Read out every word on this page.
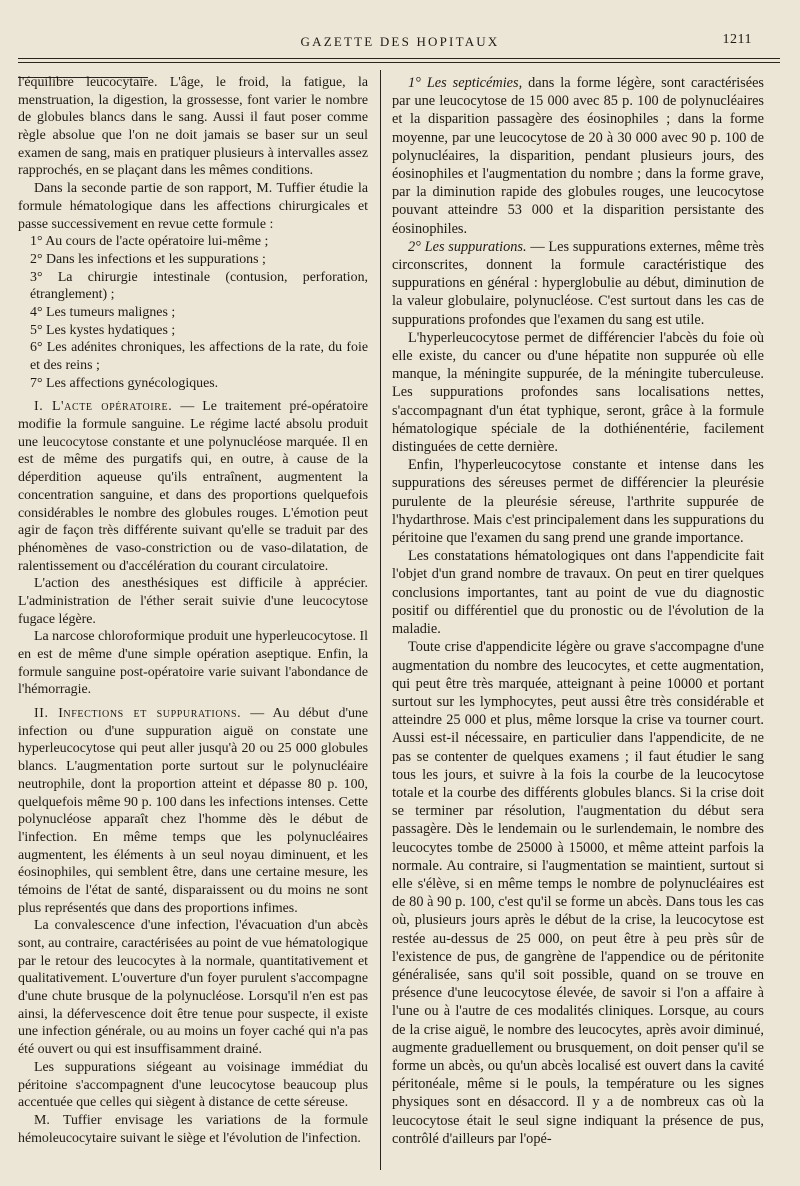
GAZETTE DES HOPITAUX	1211

l'équilibre leucocytaire. L'âge, le froid, la fatigue, la menstruation, la digestion, la grossesse, font varier le nombre de globules blancs dans le sang. Aussi il faut poser comme règle absolue que l'on ne doit jamais se baser sur un seul examen de sang, mais en pratiquer plusieurs à intervalles assez rapprochés, en se plaçant dans les mêmes conditions.

Dans la seconde partie de son rapport, M. Tuffier étudie la formule hématologique dans les affections chirurgicales et passe successivement en revue cette formule :

1° Au cours de l'acte opératoire lui-même ;

2° Dans les infections et les suppurations ;

3° La chirurgie intestinale (contusion, perforation, étranglement) ;

4° Les tumeurs malignes ;

5° Les kystes hydatiques ;

6° Les adénites chroniques, les affections de la rate, du foie et des reins ;

7° Les affections gynécologiques.

I. L'acte opératoire. — Le traitement pré-opératoire modifie la formule sanguine. Le régime lacté absolu produit une leucocytose constante et une polynucléose marquée. Il en est de même des purgatifs qui, en outre, à cause de la déperdition aqueuse qu'ils entraînent, augmentent la concentration sanguine, et dans des proportions quelquefois considérables le nombre des globules rouges. L'émotion peut agir de façon très différente suivant qu'elle se traduit par des phénomènes de vaso-constriction ou de vaso-dilatation, de ralentissement ou d'accélération du courant circulatoire.

L'action des anesthésiques est difficile à apprécier. L'administration de l'éther serait suivie d'une leucocytose fugace légère.

La narcose chloroformique produit une hyperleucocytose. Il en est de même d'une simple opération aseptique. Enfin, la formule sanguine post-opératoire varie suivant l'abondance de l'hémorragie.

II. Infections et suppurations. — Au début d'une infection ou d'une suppuration aiguë on constate une hyperleucocytose qui peut aller jusqu'à 20 ou 25 000 globules blancs. L'augmentation porte surtout sur le polynucléaire neutrophile, dont la proportion atteint et dépasse 80 p. 100, quelquefois même 90 p. 100 dans les infections intenses. Cette polynucléose apparaît chez l'homme dès le début de l'infection. En même temps que les polynucléaires augmentent, les éléments à un seul noyau diminuent, et les éosinophiles, qui semblent être, dans une certaine mesure, les témoins de l'état de santé, disparaissent ou du moins ne sont plus représentés que dans des proportions infimes.

La convalescence d'une infection, l'évacuation d'un abcès sont, au contraire, caractérisées au point de vue hématologique par le retour des leucocytes à la normale, quantitativement et qualitativement. L'ouverture d'un foyer purulent s'accompagne d'une chute brusque de la polynucléose. Lorsqu'il n'en est pas ainsi, la défervescence doit être tenue pour suspecte, il existe une infection générale, ou au moins un foyer caché qui n'a pas été ouvert ou qui est insuffisamment drainé.

Les suppurations siégeant au voisinage immédiat du péritoine s'accompagnent d'une leucocytose beaucoup plus accentuée que celles qui siègent à distance de cette séreuse.

M. Tuffier envisage les variations de la formule hémoleucocytaire suivant le siège et l'évolution de l'infection.

1° Les septicémies, dans la forme légère, sont caractérisées par une leucocytose de 15 000 avec 85 p. 100 de polynucléaires et la disparition passagère des éosinophiles ; dans la forme moyenne, par une leucocytose de 20 à 30 000 avec 90 p. 100 de polynucléaires, la disparition, pendant plusieurs jours, des éosinophiles et l'augmentation du nombre ; dans la forme grave, par la diminution rapide des globules rouges, une leucocytose pouvant atteindre 53 000 et la disparition persistante des éosinophiles.

2° Les suppurations. — Les suppurations externes, même très circonscrites, donnent la formule caractéristique des suppurations en général : hyperglobulie au début, diminution de la valeur globulaire, polynucléose. C'est surtout dans les cas de suppurations profondes que l'examen du sang est utile.

L'hyperleucocytose permet de différencier l'abcès du foie où elle existe, du cancer ou d'une hépatite non suppurée où elle manque, la méningite suppurée, de la méningite tuberculeuse. Les suppurations profondes sans localisations nettes, s'accompagnant d'un état typhique, seront, grâce à la formule hématologique spéciale de la dothiénentérie, facilement distinguées de cette dernière.

Enfin, l'hyperleucocytose constante et intense dans les suppurations des séreuses permet de différencier la pleurésie purulente de la pleurésie séreuse, l'arthrite suppurée de l'hydarthrose. Mais c'est principalement dans les suppurations du péritoine que l'examen du sang prend une grande importance.

Les constatations hématologiques ont dans l'appendicite fait l'objet d'un grand nombre de travaux. On peut en tirer quelques conclusions importantes, tant au point de vue du diagnostic positif ou différentiel que du pronostic ou de l'évolution de la maladie.

Toute crise d'appendicite légère ou grave s'accompagne d'une augmentation du nombre des leucocytes, et cette augmentation, qui peut être très marquée, atteignant à peine 10000 et portant surtout sur les lymphocytes, peut aussi être très considérable et atteindre 25 000 et plus, même lorsque la crise va tourner court. Aussi est-il nécessaire, en particulier dans l'appendicite, de ne pas se contenter de quelques examens ; il faut étudier le sang tous les jours, et suivre à la fois la courbe de la leucocytose totale et la courbe des différents globules blancs. Si la crise doit se terminer par résolution, l'augmentation du début sera passagère. Dès le lendemain ou le surlendemain, le nombre des leucocytes tombe de 25000 à 15000, et même atteint parfois la normale. Au contraire, si l'augmentation se maintient, surtout si elle s'élève, si en même temps le nombre de polynucléaires est de 80 à 90 p. 100, c'est qu'il se forme un abcès. Dans tous les cas où, plusieurs jours après le début de la crise, la leucocytose est restée au-dessus de 25 000, on peut être à peu près sûr de l'existence de pus, de gangrène de l'appendice ou de péritonite généralisée, sans qu'il soit possible, quand on se trouve en présence d'une leucocytose élevée, de savoir si l'on a affaire à l'une ou à l'autre de ces modalités cliniques. Lorsque, au cours de la crise aiguë, le nombre des leucocytes, après avoir diminué, augmente graduellement ou brusquement, on doit penser qu'il se forme un abcès, ou qu'un abcès localisé est ouvert dans la cavité péritonéale, même si le pouls, la température ou les signes physiques sont en désaccord. Il y a de nombreux cas où la leucocytose était le seul signe indiquant la présence de pus, contrôlé d'ailleurs par l'opé-
